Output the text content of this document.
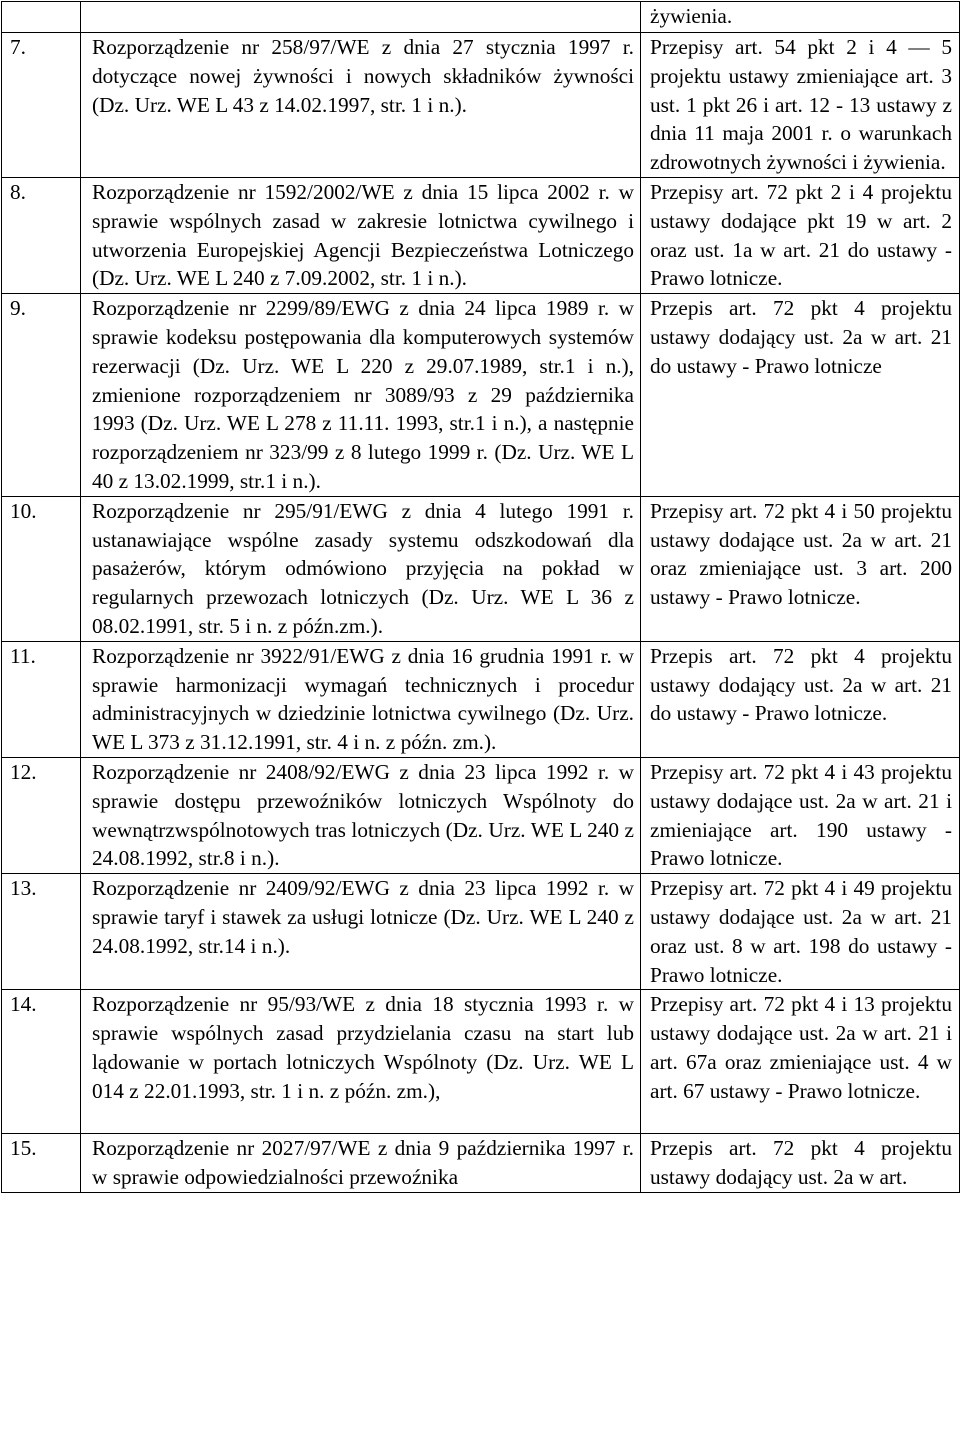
		żywienia.
7.	Rozporządzenie nr 258/97/WE z dnia 27 stycznia 1997 r. dotyczące nowej żywności i nowych składników żywności (Dz. Urz. WE L 43 z 14.02.1997, str. 1 i n.).	Przepisy art. 54 pkt 2 i 4 — 5 projektu ustawy zmieniające art. 3 ust. 1 pkt 26 i art. 12 - 13 ustawy z dnia 11 maja 2001 r. o warunkach zdrowotnych żywności i żywienia.
8.	Rozporządzenie nr 1592/2002/WE z dnia 15 lipca 2002 r. w sprawie wspólnych zasad w zakresie lotnictwa cywilnego i utworzenia Europejskiej Agencji Bezpieczeństwa Lotniczego (Dz. Urz. WE L 240 z 7.09.2002, str. 1 i n.).	Przepisy art. 72 pkt 2 i 4 projektu ustawy dodające pkt 19 w art. 2 oraz ust. 1a w art. 21 do ustawy - Prawo lotnicze.
9.	Rozporządzenie nr 2299/89/EWG z dnia 24 lipca 1989 r. w sprawie kodeksu postępowania dla komputerowych systemów rezerwacji (Dz. Urz. WE L 220 z 29.07.1989, str.1 i n.), zmienione rozporządzeniem nr 3089/93 z 29 października 1993 (Dz. Urz. WE L 278 z 11.11. 1993, str.1 i n.), a następnie rozporządzeniem nr 323/99 z 8 lutego 1999 r. (Dz. Urz. WE L 40 z 13.02.1999, str.1 i n.).	Przepis art. 72 pkt 4 projektu ustawy dodający ust. 2a w art. 21 do ustawy - Prawo lotnicze
10.	Rozporządzenie nr 295/91/EWG z dnia 4 lutego 1991 r. ustanawiające wspólne zasady systemu odszkodowań dla pasażerów, którym odmówiono przyjęcia na pokład w regularnych przewozach lotniczych (Dz. Urz. WE L 36 z 08.02.1991, str. 5 i n. z późn.zm.).	Przepisy art. 72 pkt 4 i 50 projektu ustawy dodające ust. 2a w art. 21 oraz zmieniające ust. 3 art. 200 ustawy - Prawo lotnicze.
11.	Rozporządzenie nr 3922/91/EWG z dnia 16 grudnia 1991 r. w sprawie harmonizacji wymagań technicznych i procedur administracyjnych w dziedzinie lotnictwa cywilnego (Dz. Urz. WE L 373 z 31.12.1991, str. 4 i n. z późn. zm.).	Przepis art. 72 pkt 4 projektu ustawy dodający ust. 2a w art. 21 do ustawy - Prawo lotnicze.
12.	Rozporządzenie nr 2408/92/EWG z dnia 23 lipca 1992 r. w sprawie dostępu przewoźników lotniczych Wspólnoty do wewnątrzwspólnotowych tras lotniczych (Dz. Urz. WE L 240 z 24.08.1992, str.8 i n.).	Przepisy art. 72 pkt 4 i 43 projektu ustawy dodające ust. 2a w art. 21 i zmieniające art. 190 ustawy - Prawo lotnicze.
13.	Rozporządzenie nr 2409/92/EWG z dnia 23 lipca 1992 r. w sprawie taryf i stawek za usługi lotnicze (Dz. Urz. WE L 240 z 24.08.1992, str.14 i n.).	Przepisy art. 72 pkt 4 i 49 projektu ustawy dodające ust. 2a w art. 21 oraz ust. 8 w art. 198 do ustawy - Prawo lotnicze.
14.	Rozporządzenie nr 95/93/WE z dnia 18 stycznia 1993 r. w sprawie wspólnych zasad przydzielania czasu na start lub lądowanie w portach lotniczych Wspólnoty (Dz. Urz. WE L 014 z 22.01.1993, str. 1 i n. z późn. zm.),	Przepisy art. 72 pkt 4 i 13 projektu ustawy dodające ust. 2a w art. 21 i art. 67a oraz zmieniające ust. 4 w art. 67 ustawy - Prawo lotnicze.
15.	Rozporządzenie nr 2027/97/WE z dnia 9 października 1997 r. w sprawie odpowiedzialności przewoźnika	Przepis art. 72 pkt 4 projektu ustawy dodający ust. 2a w art.
